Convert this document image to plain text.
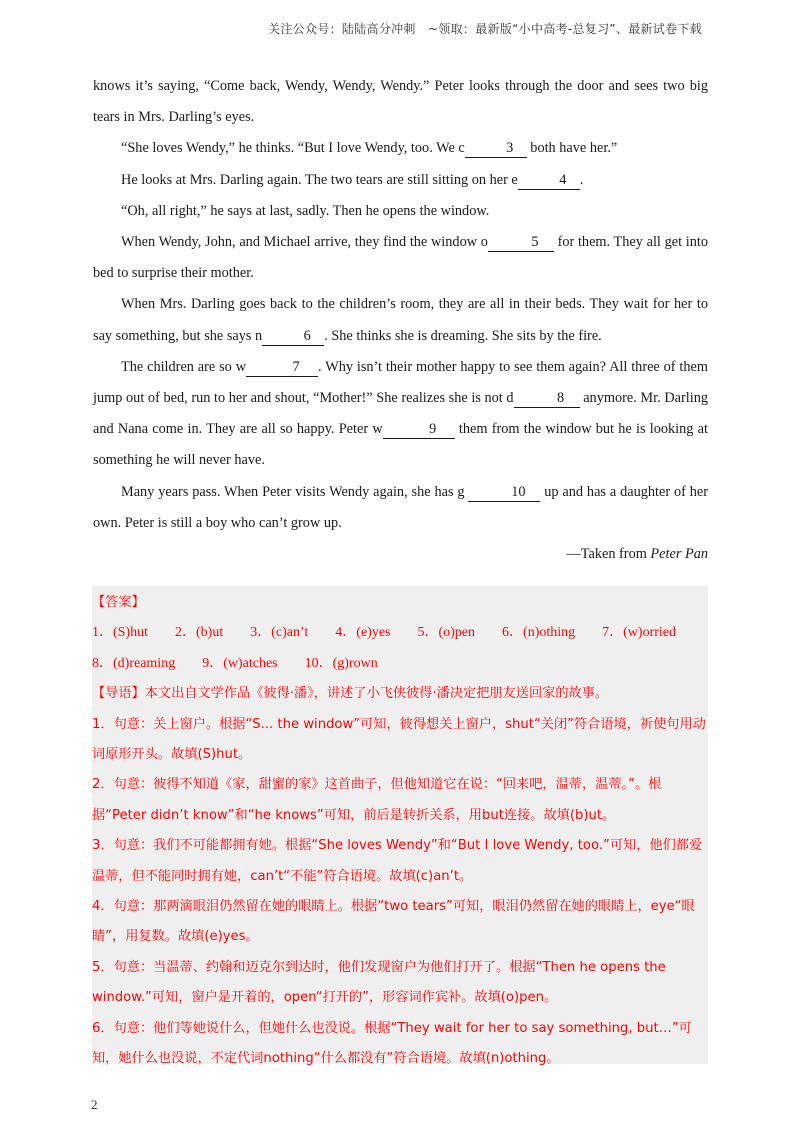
关注公众号：陆陆高分冲刺　~领取：最新版“小中高考-总复习”、最新试卷下载

knows it’s saying, “Come back, Wendy, Wendy, Wendy.” Peter looks through the door and sees two big tears in Mrs. Darling’s eyes.

“She loves Wendy,” he thinks. “But I love Wendy, too. We c	3 both have her.”

He looks at Mrs. Darling again. The two tears are still sitting on her e	4 .

“Oh, all right,” he says at last, sadly. Then he opens the window.

When Wendy, John, and Michael arrive, they find the window o	5 for them. They all get into bed to surprise their mother.

When Mrs. Darling goes back to the children’s room, they are all in their beds. They wait for her to say something, but she says n	6 . She thinks she is dreaming. She sits by the fire.

The children are so w	7 . Why isn’t their mother happy to see them again? All three of them jump out of bed, run to her and shout, “Mother!” She realizes she is not d	8 anymore. Mr. Darling and Nana come in. They are all so happy. Peter w	9 them from the window but he is looking at something he will never have.

Many years pass. When Peter visits Wendy again, she has g	10 up and has a daughter of her own. Peter is still a boy who can’t grow up.

—Taken from Peter Pan

【答案】

1．(S)hut 2．(b)ut 3．(c)an’t 4．(e)yes 5．(o)pen 6．(n)othing 7．(w)orried

8．(d)reaming 9．(w)atches 10．(g)rown

【导语】本文出自文学作品《彼得·潘》，讲述了小飞侠彼得·潘决定把朋友送回家的故事。

1．句意：关上窗户。根据“S... the window”可知，彼得想关上窗户，shut“关闭”符合语境，祈使句用动词原形开头。故填(S)hut。

2．句意：彼得不知道《家，甜蜜的家》这首曲子，但他知道它在说：“回来吧，温蒂，温蒂。”。根据“Peter didn’t know”和“he knows”可知，前后是转折关系，用but连接。故填(b)ut。

3．句意：我们不可能都拥有她。根据“She loves Wendy”和“But I love Wendy, too.”可知，他们都爱温蒂，但不能同时拥有她，can’t“不能”符合语境。故填(c)an’t。

4．句意：那两滴眼泪仍然留在她的眼睛上。根据“two tears”可知，眼泪仍然留在她的眼睛上，eye“眼睛”，用复数。故填(e)yes。

5．句意：当温蒂、约翰和迈克尔到达时，他们发现窗户为他们打开了。根据“Then he opens the window.”可知，窗户是开着的，open“打开的”，形容词作宾补。故填(o)pen。

6．句意：他们等她说什么，但她什么也没说。根据“They wait for her to say something, but…”可知，她什么也没说，不定代词nothing“什么都没有”符合语境。故填(n)othing。

2
